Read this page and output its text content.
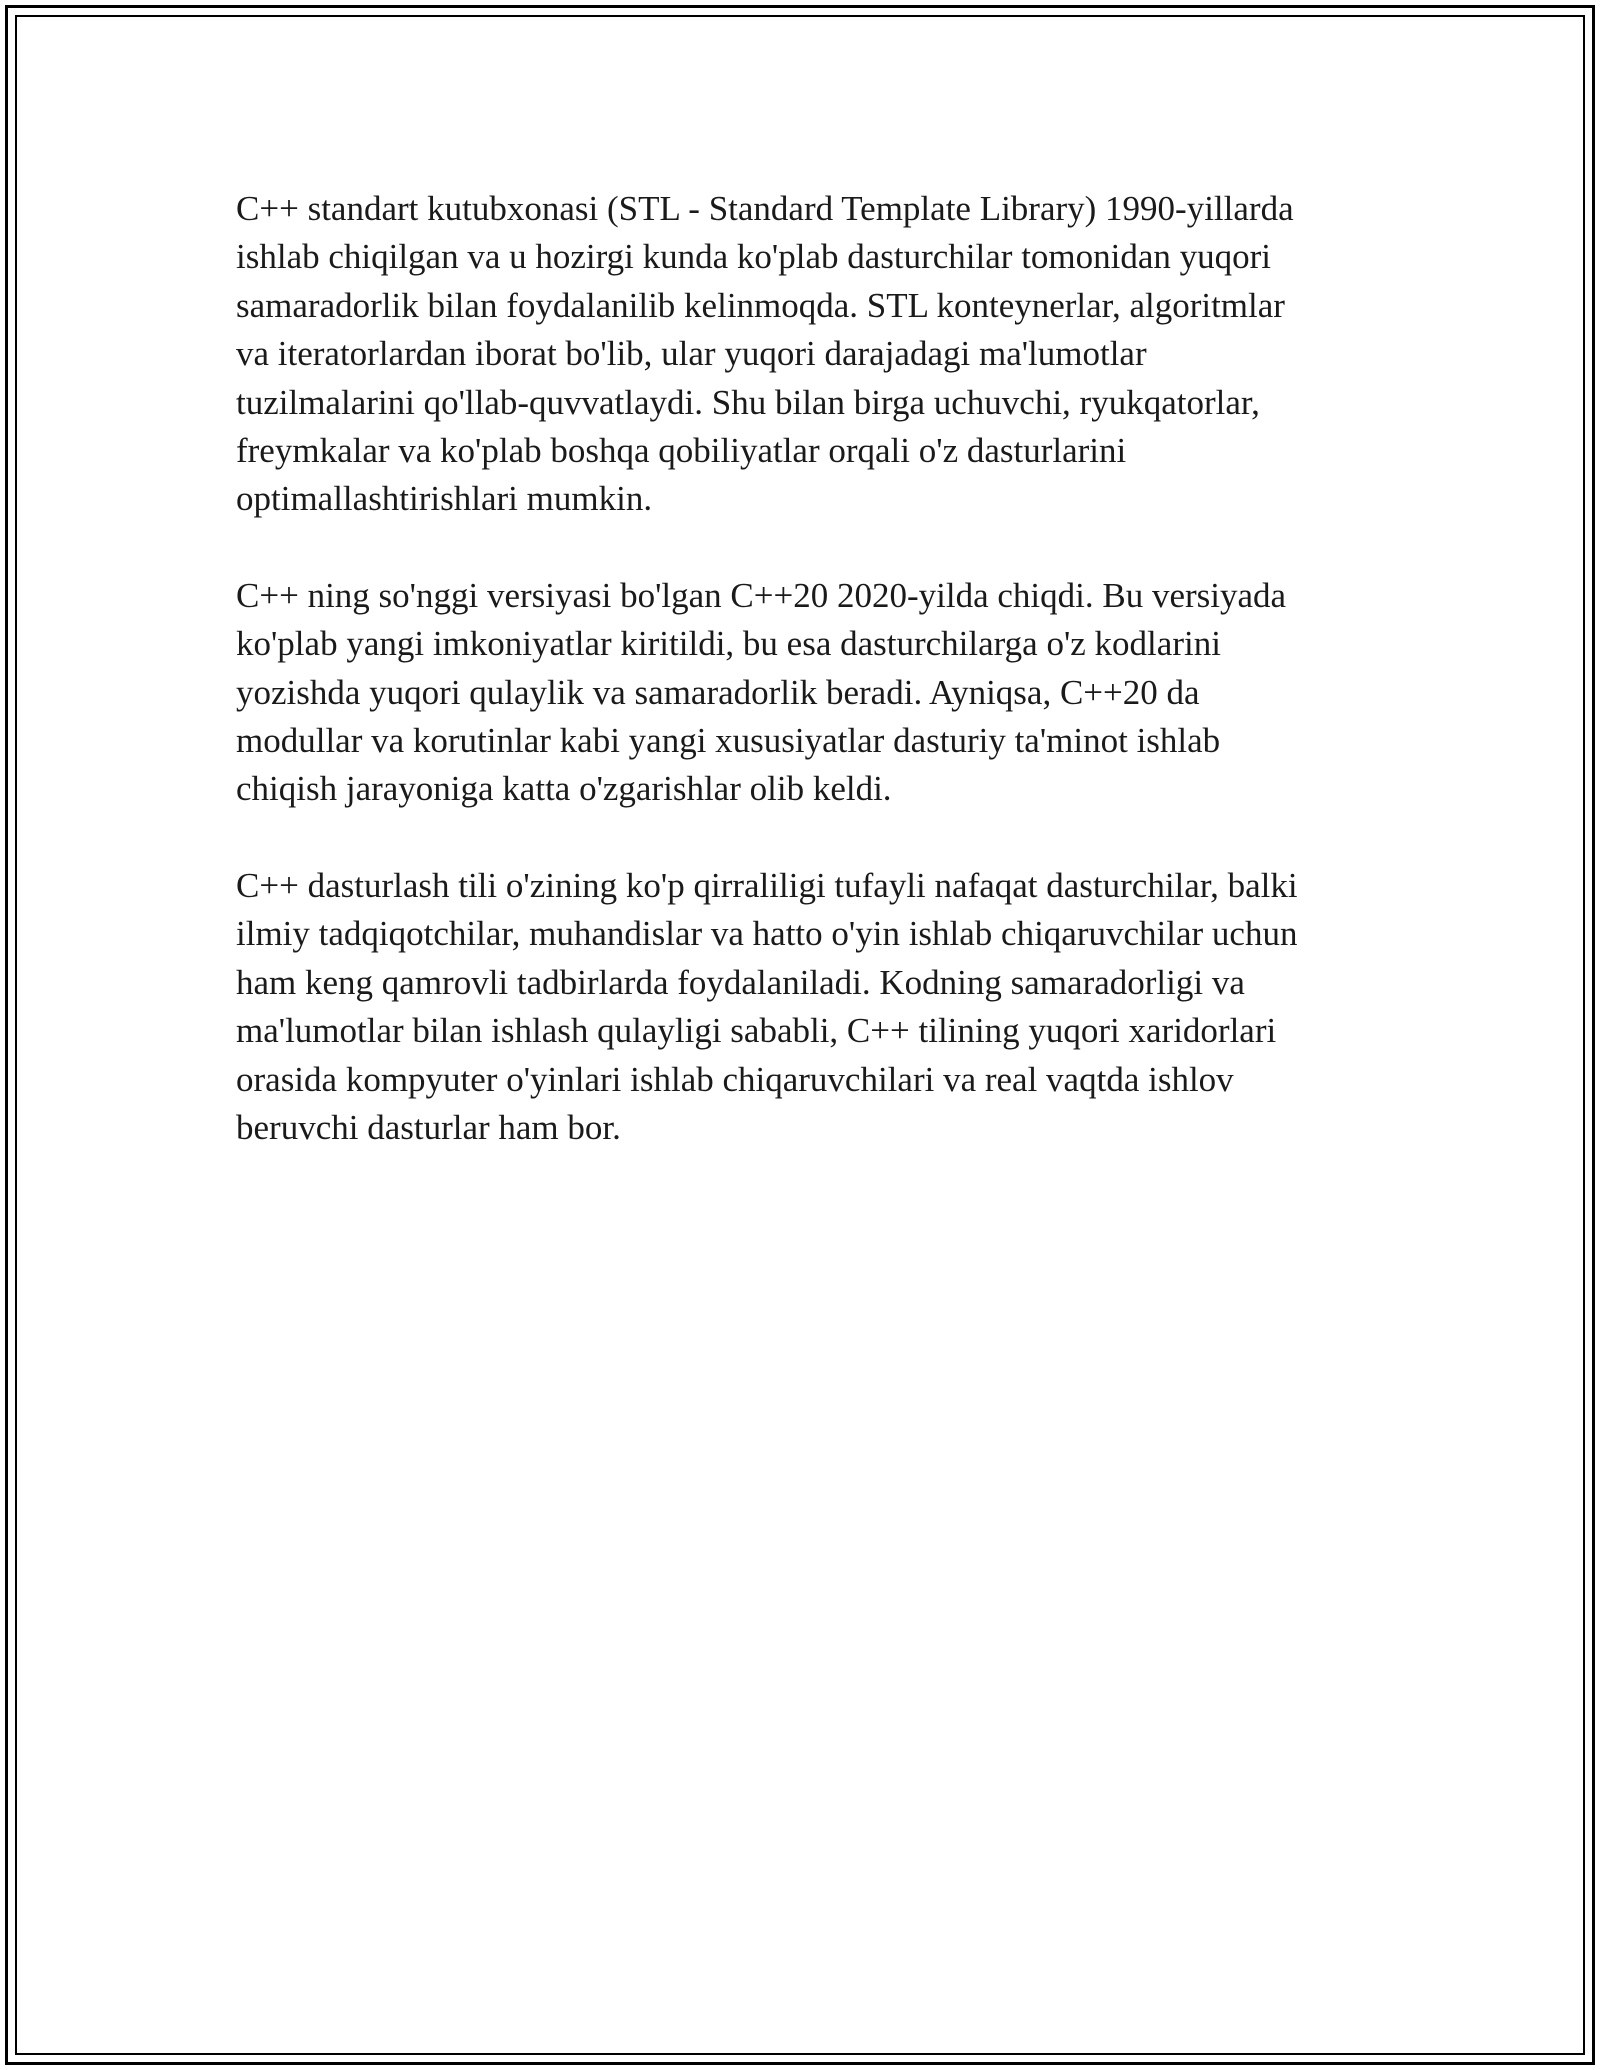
C++ standart kutubxonasi (STL - Standard Template Library) 1990-yillarda
ishlab chiqilgan va u hozirgi kunda ko'plab dasturchilar tomonidan yuqori
samaradorlik bilan foydalanilib kelinmoqda. STL konteynerlar, algoritmlar
va iteratorlardan iborat bo'lib, ular yuqori darajadagi ma'lumotlar
tuzilmalarini qo'llab-quvvatlaydi. Shu bilan birga uchuvchi, ryukqatorlar,
freymkalar va ko'plab boshqa qobiliyatlar orqali o'z dasturlarini
optimallashtirishlari mumkin.

C++ ning so'nggi versiyasi bo'lgan C++20 2020-yilda chiqdi. Bu versiyada
ko'plab yangi imkoniyatlar kiritildi, bu esa dasturchilarga o'z kodlarini
yozishda yuqori qulaylik va samaradorlik beradi. Ayniqsa, C++20 da
modullar va korutinlar kabi yangi xususiyatlar dasturiy ta'minot ishlab
chiqish jarayoniga katta o'zgarishlar olib keldi.

C++ dasturlash tili o'zining ko'p qirraliligi tufayli nafaqat dasturchilar, balki
ilmiy tadqiqotchilar, muhandislar va hatto o'yin ishlab chiqaruvchilar uchun
ham keng qamrovli tadbirlarda foydalaniladi. Kodning samaradorligi va
ma'lumotlar bilan ishlash qulayligi sababli, C++ tilining yuqori xaridorlari
orasida kompyuter o'yinlari ishlab chiqaruvchilari va real vaqtda ishlov
beruvchi dasturlar ham bor.
